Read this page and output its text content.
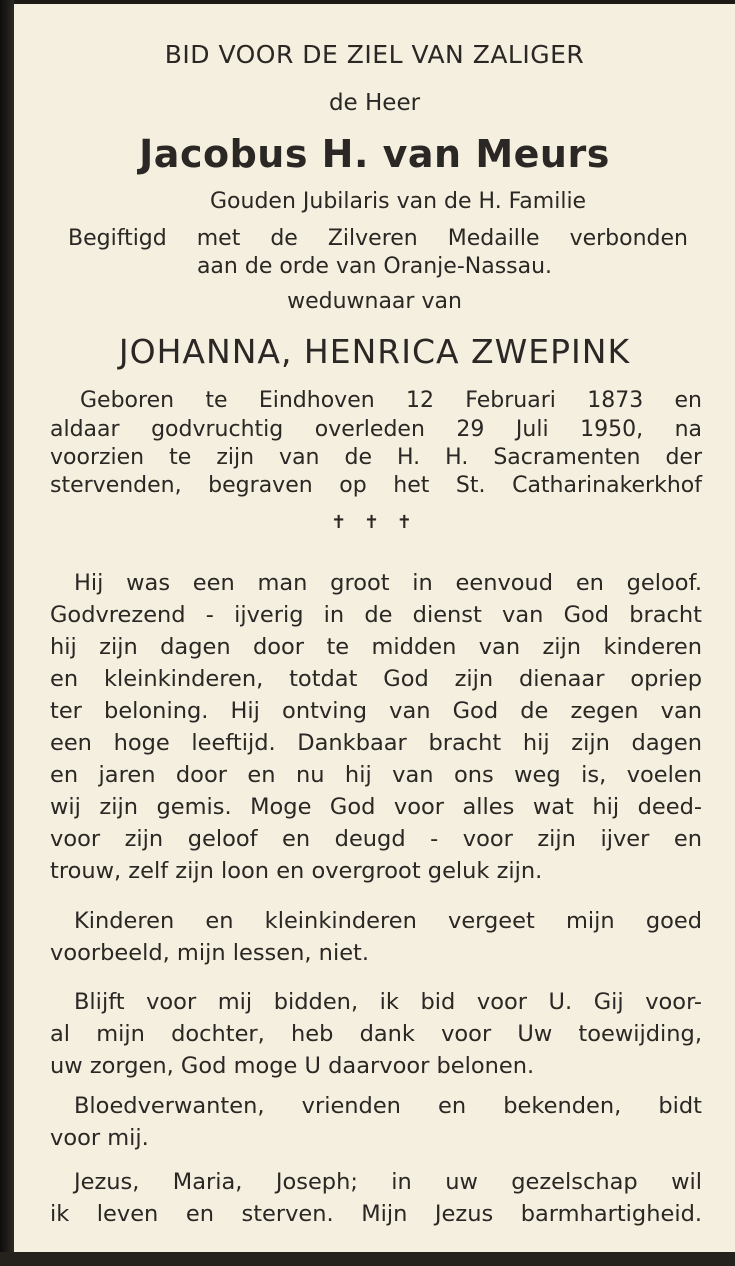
BID VOOR DE ZIEL VAN ZALIGER
de Heer
Jacobus H. van Meurs
Gouden Jubilaris van de H. Familie
Begiftigd met de Zilveren Medaille verbonden
aan de orde van Oranje-Nassau.
weduwnaar van
JOHANNA, HENRICA ZWEPINK
Geboren te Eindhoven 12 Februari 1873 en
aldaar godvruchtig overleden 29 Juli 1950, na
voorzien te zijn van de H. H. Sacramenten der
stervenden, begraven op het St. Catharinakerkhof
✝ ✝ ✝
Hij was een man groot in eenvoud en geloof.
Godvrezend - ijverig in de dienst van God bracht
hij zijn dagen door te midden van zijn kinderen
en kleinkinderen, totdat God zijn dienaar opriep
ter beloning. Hij ontving van God de zegen van
een hoge leeftijd. Dankbaar bracht hij zijn dagen
en jaren door en nu hij van ons weg is, voelen
wij zijn gemis. Moge God voor alles wat hij deed-
voor zijn geloof en deugd - voor zijn ijver en
trouw, zelf zijn loon en overgroot geluk zijn.
Kinderen en kleinkinderen vergeet mijn goed
voorbeeld, mijn lessen, niet.
Blijft voor mij bidden, ik bid voor U. Gij voor-
al mijn dochter, heb dank voor Uw toewijding,
uw zorgen, God moge U daarvoor belonen.
Bloedverwanten, vrienden en bekenden, bidt
voor mij.
Jezus, Maria, Joseph; in uw gezelschap wil
ik leven en sterven. Mijn Jezus barmhartigheid.
